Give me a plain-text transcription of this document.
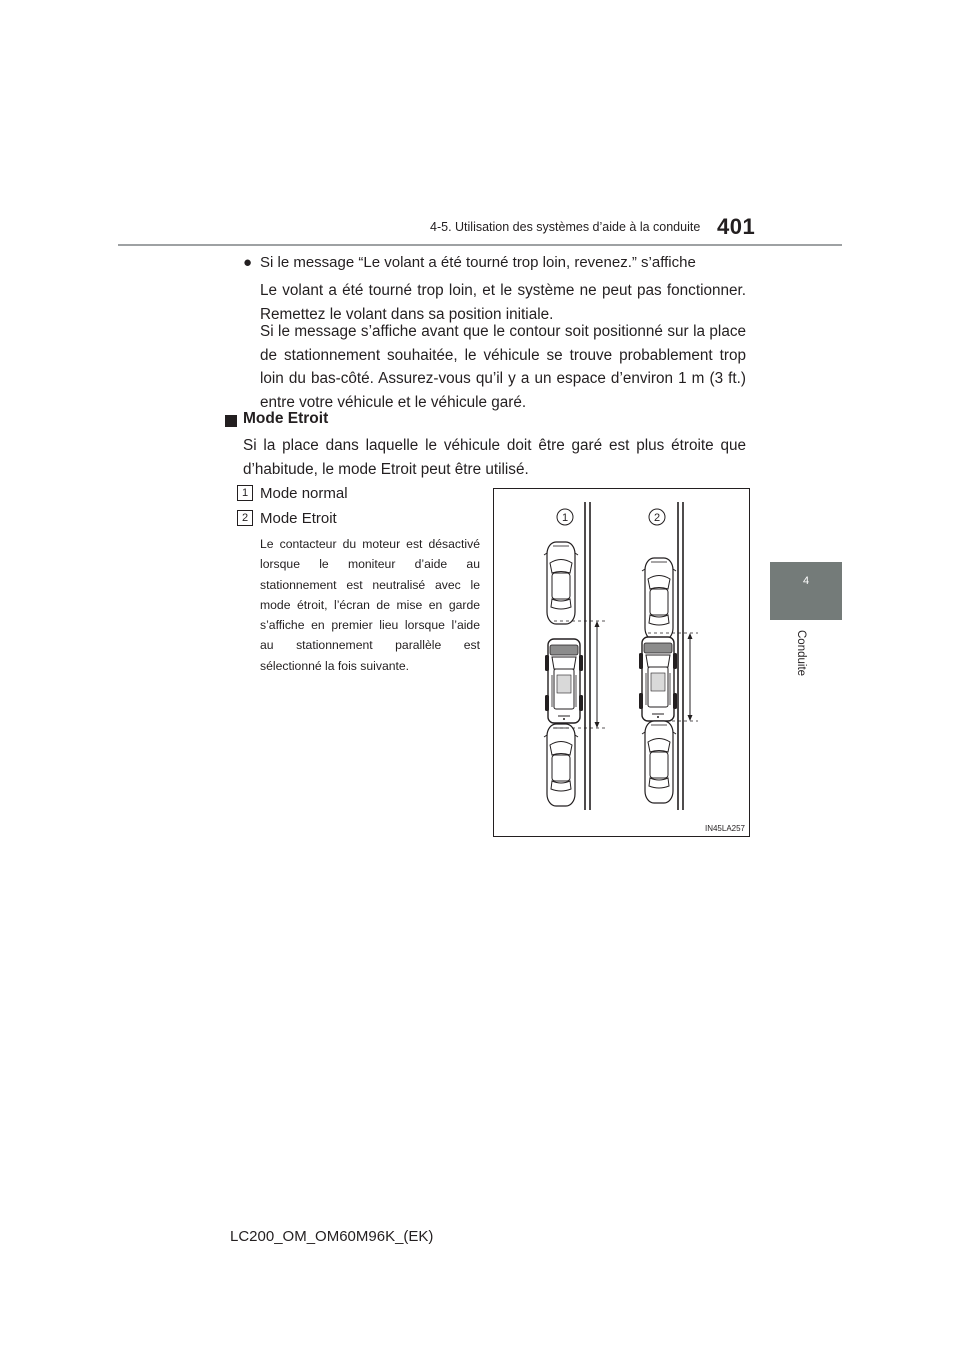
4-5. Utilisation des systèmes d’aide à la conduite 401
4
Conduite
● Si le message “Le volant a été tourné trop loin, revenez.” s’affiche
Le volant a été tourné trop loin, et le système ne peut pas fonctionner. Remettez le volant dans sa position initiale.
Si le message s’affiche avant que le contour soit positionné sur la place de stationnement souhaitée, le véhicule se trouve probablement trop loin du bas-côté. Assurez-vous qu’il y a un espace d’environ 1 m (3 ft.) entre votre véhicule et le véhicule garé.
Mode Etroit
Si la place dans laquelle le véhicule doit être garé est plus étroite que d’habitude, le mode Etroit peut être utilisé.
1 Mode normal
2 Mode Etroit
Le contacteur du moteur est désactivé lorsque le moniteur d’aide au stationnement est neutralisé avec le mode étroit, l’écran de mise en garde s’affiche en premier lieu lorsque l’aide au stationnement parallèle est sélectionné la fois suivante.
1	2
IN45LA257
LC200_OM_OM60M96K_(EK)
